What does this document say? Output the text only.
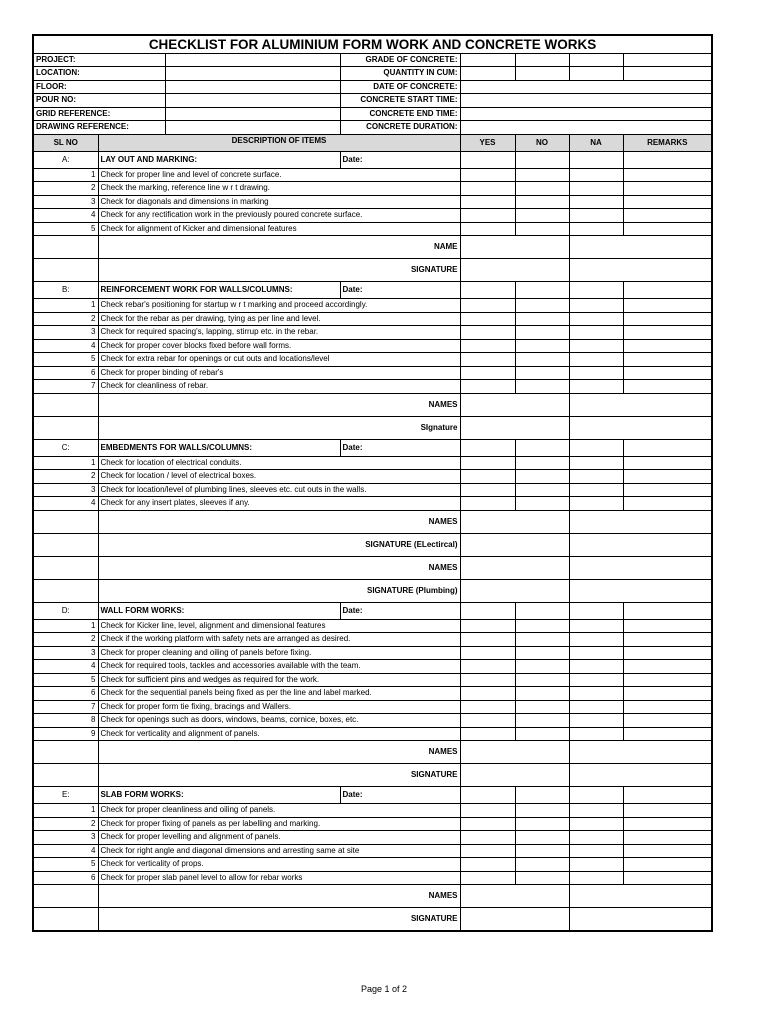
CHECKLIST FOR ALUMINIUM FORM WORK AND CONCRETE WORKS							
PROJECT:			GRADE OF CONCRETE:				
LOCATION:			QUANTITY IN CUM:				
FLOOR:			DATE OF CONCRETE:				
POUR NO:			CONCRETE START TIME:				
GRID REFERENCE:			CONCRETE END TIME:				
DRAWING REFERENCE:			CONCRETE DURATION:				
SL NO	DESCRIPTION OF ITEMS			YES	NO	NA	REMARKS
A:	LAY OUT AND MARKING:		Date:				
1	Check for proper line and level of concrete surface.						
2	Check the marking, reference line w r t drawing.						
3	Check for diagonals and dimensions in marking						
4	Check for any rectification work in the previously poured concrete surface.						
5	Check for alignment of Kicker and dimensional features						
	NAME						
	SIGNATURE						
B:	REINFORCEMENT WORK FOR WALLS/COLUMNS:		Date:				
1	Check rebar's positioning for startup w r t marking and proceed accordingly.						
2	Check for the rebar as per drawing, tying as per line and level.						
3	Check for required spacing's, lapping, stirrup etc. in the rebar.						
4	Check for proper cover blocks fixed before wall forms.						
5	Check for extra rebar for openings or cut outs and locations/level						
6	Check for proper binding of rebar's						
7	Check for cleanliness of rebar.						
	NAMES						
	SIgnature						
C:	EMBEDMENTS FOR WALLS/COLUMNS:		Date:				
1	Check for location of electrical conduits.						
2	Check for location / level of electrical boxes.						
3	Check for location/level of plumbing lines, sleeves etc. cut outs in the walls.						
4	Check for any insert plates, sleeves if any.						
	NAMES						
	SIGNATURE (ELectircal)						
	NAMES						
	SIGNATURE (Plumbing)						
D:	WALL FORM WORKS:		Date:				
1	Check for Kicker line, level, alignment and dimensional features						
2	Check if the working platform with safety nets are arranged as desired.						
3	Check for proper cleaning and oiling of panels before fixing.						
4	Check for required tools, tackles and accessories available with the team.						
5	Check for sufficient pins and wedges as required for the work.						
6	Check for the sequential panels being fixed as per the line and label marked.						
7	Check for proper form tie fixing, bracings and Wallers.						
8	Check for openings such as doors, windows, beams, cornice, boxes, etc.						
9	Check for verticality and alignment of panels.						
	NAMES						
	SIGNATURE						
E:	SLAB FORM WORKS:		Date:				
1	Check for proper cleanliness and oiling of panels.						
2	Check for proper fixing of panels as per labelling and marking.						
3	Check for proper levelling and alignment of panels.						
4	Check for right angle and diagonal dimensions and arresting same at site						
5	Check for verticality of props.						
6	Check for proper slab panel level to allow for rebar works						
	NAMES						
	SIGNATURE						
Page 1 of 2
